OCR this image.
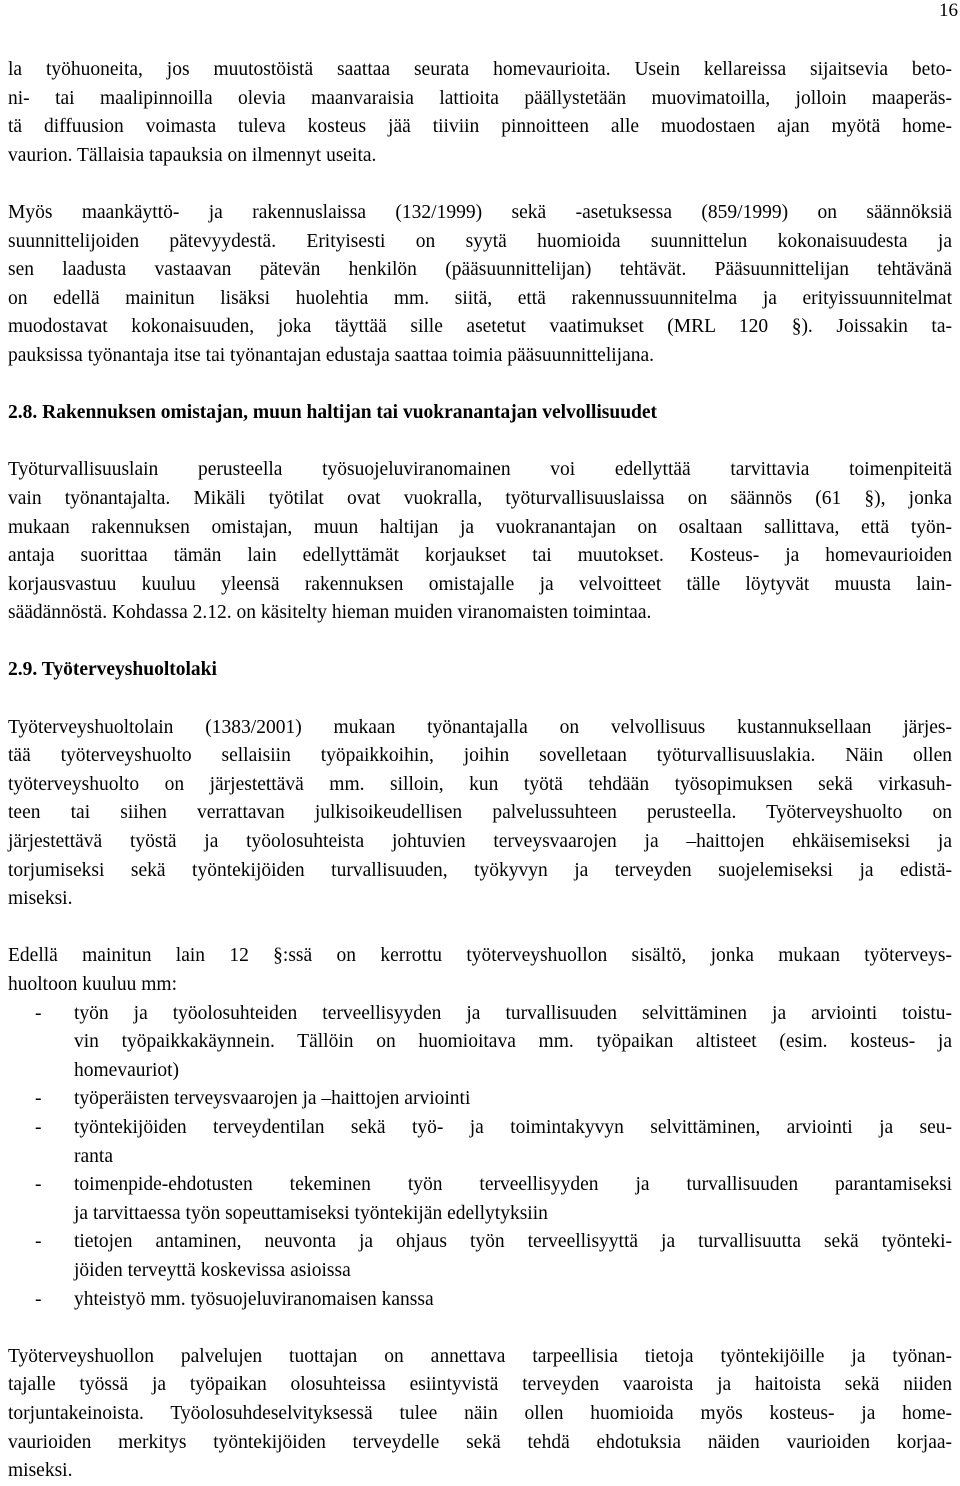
16
la työhuoneita, jos muutostöistä saattaa seurata homevaurioita. Usein kellareissa sijaitsevia beto-
ni- tai maalipinnoilla olevia maanvaraisia lattioita päällystetään muovimatoilla, jolloin maaperäs-
tä diffuusion voimasta tuleva kosteus jää tiiviin pinnoitteen alle muodostaen ajan myötä home-
vaurion. Tällaisia tapauksia on ilmennyt useita.
Myös maankäyttö- ja rakennuslaissa (132/1999) sekä -asetuksessa (859/1999) on säännöksiä
suunnittelijoiden pätevyydestä. Erityisesti on syytä huomioida suunnittelun kokonaisuudesta ja
sen laadusta vastaavan pätevän henkilön (pääsuunnittelijan) tehtävät. Pääsuunnittelijan tehtävänä
on edellä mainitun lisäksi huolehtia mm. siitä, että rakennussuunnitelma ja erityissuunnitelmat
muodostavat kokonaisuuden, joka täyttää sille asetetut vaatimukset (MRL 120 §). Joissakin ta-
pauksissa työnantaja itse tai työnantajan edustaja saattaa toimia pääsuunnittelijana.
2.8. Rakennuksen omistajan, muun haltijan tai vuokranantajan velvollisuudet
Työturvallisuuslain perusteella työsuojeluviranomainen voi edellyttää tarvittavia toimenpiteitä
vain työnantajalta. Mikäli työtilat ovat vuokralla, työturvallisuuslaissa on säännös (61 §), jonka
mukaan rakennuksen omistajan, muun haltijan ja vuokranantajan on osaltaan sallittava, että työn-
antaja suorittaa tämän lain edellyttämät korjaukset tai muutokset. Kosteus- ja homevaurioiden
korjausvastuu kuuluu yleensä rakennuksen omistajalle ja velvoitteet tälle löytyvät muusta lain-
säädännöstä. Kohdassa 2.12. on käsitelty hieman muiden viranomaisten toimintaa.
2.9. Työterveyshuoltolaki
Työterveyshuoltolain (1383/2001) mukaan työnantajalla on velvollisuus kustannuksellaan järjes-
tää työterveyshuolto sellaisiin työpaikkoihin, joihin sovelletaan työturvallisuuslakia. Näin ollen
työterveyshuolto on järjestettävä mm. silloin, kun työtä tehdään työsopimuksen sekä virkasuh-
teen tai siihen verrattavan julkisoikeudellisen palvelussuhteen perusteella. Työterveyshuolto on
järjestettävä työstä ja työolosuhteista johtuvien terveysvaarojen ja –haittojen ehkäisemiseksi ja
torjumiseksi sekä työntekijöiden turvallisuuden, työkyvyn ja terveyden suojelemiseksi ja edistä-
miseksi.
Edellä mainitun lain 12 §:ssä on kerrottu työterveyshuollon sisältö, jonka mukaan työterveys-
huoltoon kuuluu mm:
-	työn ja työolosuhteiden terveellisyyden ja turvallisuuden selvittäminen ja arviointi toistu-
vin työpaikkakäynnein. Tällöin on huomioitava mm. työpaikan altisteet (esim. kosteus- ja
homevauriot)
-	työperäisten terveysvaarojen ja –haittojen arviointi
-	työntekijöiden terveydentilan sekä työ- ja toimintakyvyn selvittäminen, arviointi ja seu-
ranta
-	toimenpide-ehdotusten tekeminen työn terveellisyyden ja turvallisuuden parantamiseksi
ja tarvittaessa työn sopeuttamiseksi työntekijän edellytyksiin
-	tietojen antaminen, neuvonta ja ohjaus työn terveellisyyttä ja turvallisuutta sekä työnteki-
jöiden terveyttä koskevissa asioissa
-	yhteistyö mm. työsuojeluviranomaisen kanssa
Työterveyshuollon palvelujen tuottajan on annettava tarpeellisia tietoja työntekijöille ja työnan-
tajalle työssä ja työpaikan olosuhteissa esiintyvistä terveyden vaaroista ja haitoista sekä niiden
torjuntakeinoista. Työolosuhdeselvityksessä tulee näin ollen huomioida myös kosteus- ja home-
vaurioiden merkitys työntekijöiden terveydelle sekä tehdä ehdotuksia näiden vaurioiden korjaa-
miseksi.
